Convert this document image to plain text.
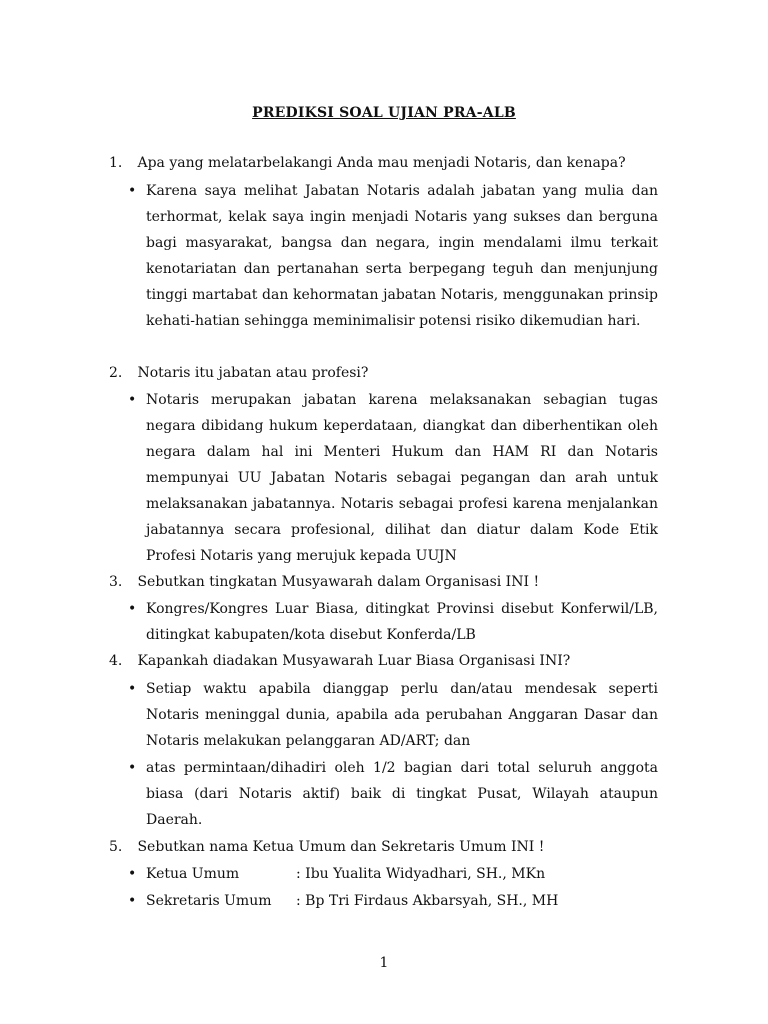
PREDIKSI SOAL UJIAN PRA-ALB
1. Apa yang melatarbelakangi Anda mau menjadi Notaris, dan kenapa?
• Karena saya melihat Jabatan Notaris adalah jabatan yang mulia dan terhormat, kelak saya ingin menjadi Notaris yang sukses dan berguna bagi masyarakat, bangsa dan negara, ingin mendalami ilmu terkait kenotariatan dan pertanahan serta berpegang teguh dan menjunjung tinggi martabat dan kehormatan jabatan Notaris, menggunakan prinsip kehati-hatian sehingga meminimalisir potensi risiko dikemudian hari.
2. Notaris itu jabatan atau profesi?
• Notaris merupakan jabatan karena melaksanakan sebagian tugas negara dibidang hukum keperdataan, diangkat dan diberhentikan oleh negara dalam hal ini Menteri Hukum dan HAM RI dan Notaris mempunyai UU Jabatan Notaris sebagai pegangan dan arah untuk melaksanakan jabatannya. Notaris sebagai profesi karena menjalankan jabatannya secara profesional, dilihat dan diatur dalam Kode Etik Profesi Notaris yang merujuk kepada UUJN
3. Sebutkan tingkatan Musyawarah dalam Organisasi INI !
• Kongres/Kongres Luar Biasa, ditingkat Provinsi disebut Konferwil/LB, ditingkat kabupaten/kota disebut Konferda/LB
4. Kapankah diadakan Musyawarah Luar Biasa Organisasi INI?
• Setiap waktu apabila dianggap perlu dan/atau mendesak seperti Notaris meninggal dunia, apabila ada perubahan Anggaran Dasar dan Notaris melakukan pelanggaran AD/ART; dan
• atas permintaan/dihadiri oleh 1/2 bagian dari total seluruh anggota biasa (dari Notaris aktif) baik di tingkat Pusat, Wilayah ataupun Daerah.
5. Sebutkan nama Ketua Umum dan Sekretaris Umum INI !
• Ketua Umum	: Ibu Yualita Widyadhari, SH., MKn
• Sekretaris Umum : Bp Tri Firdaus Akbarsyah, SH., MH
1
